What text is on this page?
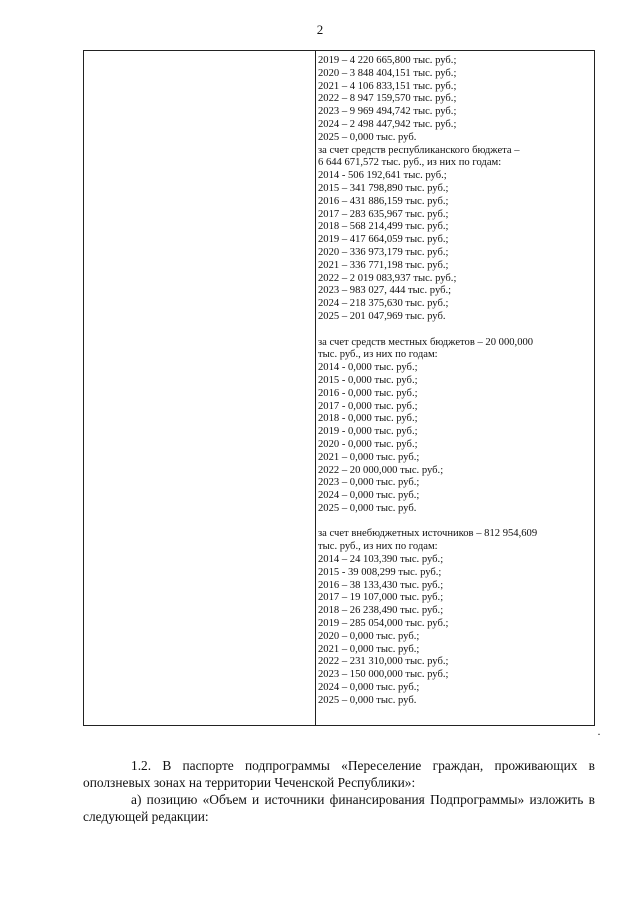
2
2019 – 4 220 665,800 тыс. руб.;
2020 – 3 848 404,151 тыс. руб.;
2021 – 4 106 833,151 тыс. руб.;
2022 – 8 947 159,570 тыс. руб.;
2023 – 9 969 494,742 тыс. руб.;
2024 – 2 498 447,942 тыс. руб.;
2025 – 0,000 тыс. руб.
за счет средств республиканского бюджета –
6 644 671,572 тыс. руб., из них по годам:
2014 - 506 192,641 тыс. руб.;
2015 – 341 798,890 тыс. руб.;
2016 – 431 886,159 тыс. руб.;
2017 – 283 635,967 тыс. руб.;
2018 – 568 214,499 тыс. руб.;
2019 – 417 664,059 тыс. руб.;
2020 – 336 973,179 тыс. руб.;
2021 – 336 771,198 тыс. руб.;
2022 – 2 019 083,937 тыс. руб.;
2023 – 983 027, 444 тыс. руб.;
2024 – 218 375,630 тыс. руб.;
2025 – 201 047,969 тыс. руб.
за счет средств местных бюджетов – 20 000,000
тыс. руб., из них по годам:
2014 - 0,000 тыс. руб.;
2015 - 0,000 тыс. руб.;
2016 - 0,000 тыс. руб.;
2017 - 0,000 тыс. руб.;
2018 - 0,000 тыс. руб.;
2019 - 0,000 тыс. руб.;
2020 - 0,000 тыс. руб.;
2021 – 0,000 тыс. руб.;
2022 – 20 000,000 тыс. руб.;
2023 – 0,000 тыс. руб.;
2024 – 0,000 тыс. руб.;
2025 – 0,000 тыс. руб.
за счет внебюджетных источников – 812 954,609
тыс. руб., из них по годам:
2014 – 24 103,390 тыс. руб.;
2015 - 39 008,299 тыс. руб.;
2016 – 38 133,430 тыс. руб.;
2017 – 19 107,000 тыс. руб.;
2018 – 26 238,490 тыс. руб.;
2019 – 285 054,000 тыс. руб.;
2020 – 0,000 тыс. руб.;
2021 – 0,000 тыс. руб.;
2022 – 231 310,000 тыс. руб.;
2023 – 150 000,000 тыс. руб.;
2024 – 0,000 тыс. руб.;
2025 – 0,000 тыс. руб.
·
1.2. В паспорте подпрограммы «Переселение граждан, проживающих в оползневых зонах на территории Чеченской Республики»:
а) позицию «Объем и источники финансирования Подпрограммы» изложить в следующей редакции:
